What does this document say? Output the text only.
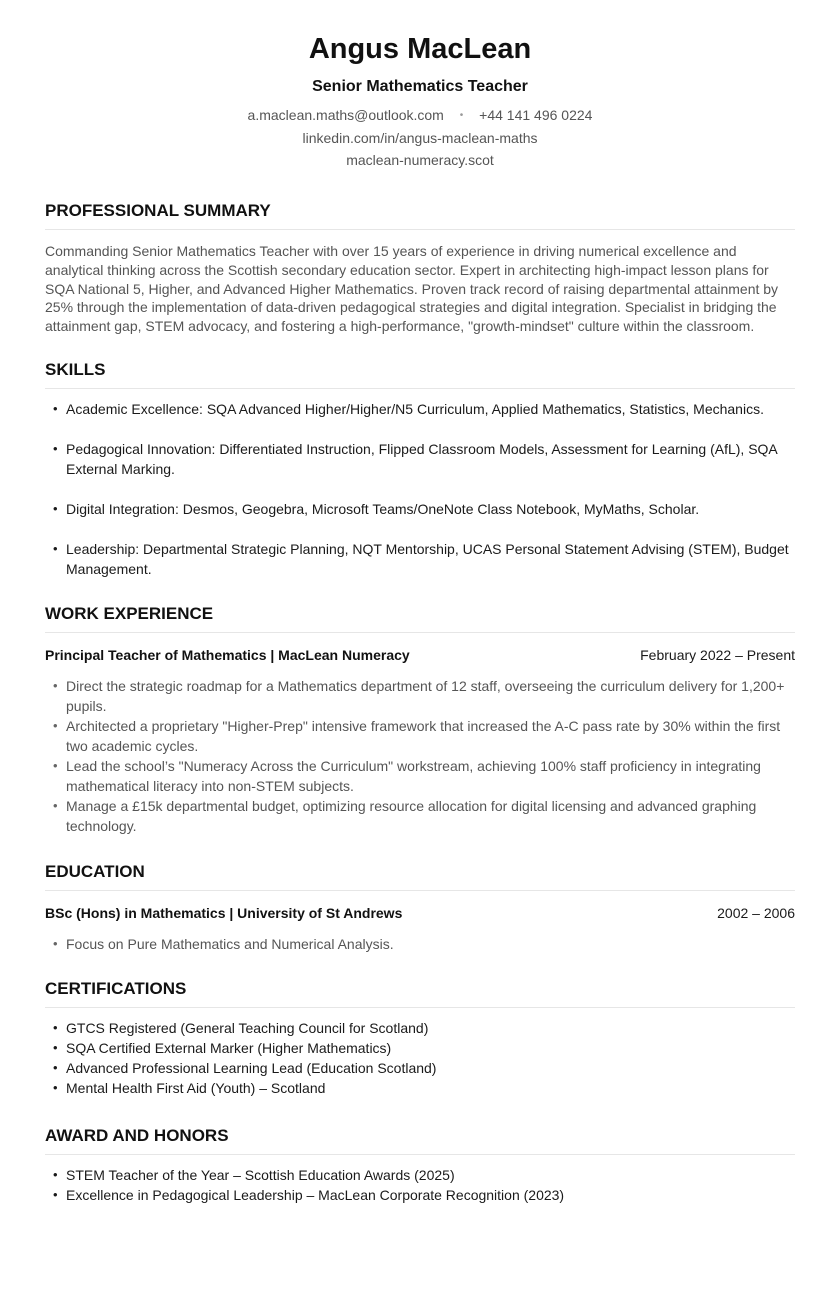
Angus MacLean
Senior Mathematics Teacher
a.maclean.maths@outlook.com • +44 141 496 0224
linkedin.com/in/angus-maclean-maths
maclean-numeracy.scot
PROFESSIONAL SUMMARY
Commanding Senior Mathematics Teacher with over 15 years of experience in driving numerical excellence and analytical thinking across the Scottish secondary education sector. Expert in architecting high-impact lesson plans for SQA National 5, Higher, and Advanced Higher Mathematics. Proven track record of raising departmental attainment by 25% through the implementation of data-driven pedagogical strategies and digital integration. Specialist in bridging the attainment gap, STEM advocacy, and fostering a high-performance, "growth-mindset" culture within the classroom.
SKILLS
• Academic Excellence: SQA Advanced Higher/Higher/N5 Curriculum, Applied Mathematics, Statistics, Mechanics.
• Pedagogical Innovation: Differentiated Instruction, Flipped Classroom Models, Assessment for Learning (AfL), SQA External Marking.
• Digital Integration: Desmos, Geogebra, Microsoft Teams/OneNote Class Notebook, MyMaths, Scholar.
• Leadership: Departmental Strategic Planning, NQT Mentorship, UCAS Personal Statement Advising (STEM), Budget Management.
WORK EXPERIENCE
Principal Teacher of Mathematics | MacLean Numeracy	February 2022 – Present
• Direct the strategic roadmap for a Mathematics department of 12 staff, overseeing the curriculum delivery for 1,200+ pupils.
• Architected a proprietary "Higher-Prep" intensive framework that increased the A-C pass rate by 30% within the first two academic cycles.
• Lead the school’s "Numeracy Across the Curriculum" workstream, achieving 100% staff proficiency in integrating mathematical literacy into non-STEM subjects.
• Manage a £15k departmental budget, optimizing resource allocation for digital licensing and advanced graphing technology.
EDUCATION
BSc (Hons) in Mathematics | University of St Andrews	2002 – 2006
• Focus on Pure Mathematics and Numerical Analysis.
CERTIFICATIONS
• GTCS Registered (General Teaching Council for Scotland)
• SQA Certified External Marker (Higher Mathematics)
• Advanced Professional Learning Lead (Education Scotland)
• Mental Health First Aid (Youth) – Scotland
AWARD AND HONORS
• STEM Teacher of the Year – Scottish Education Awards (2025)
• Excellence in Pedagogical Leadership – MacLean Corporate Recognition (2023)
